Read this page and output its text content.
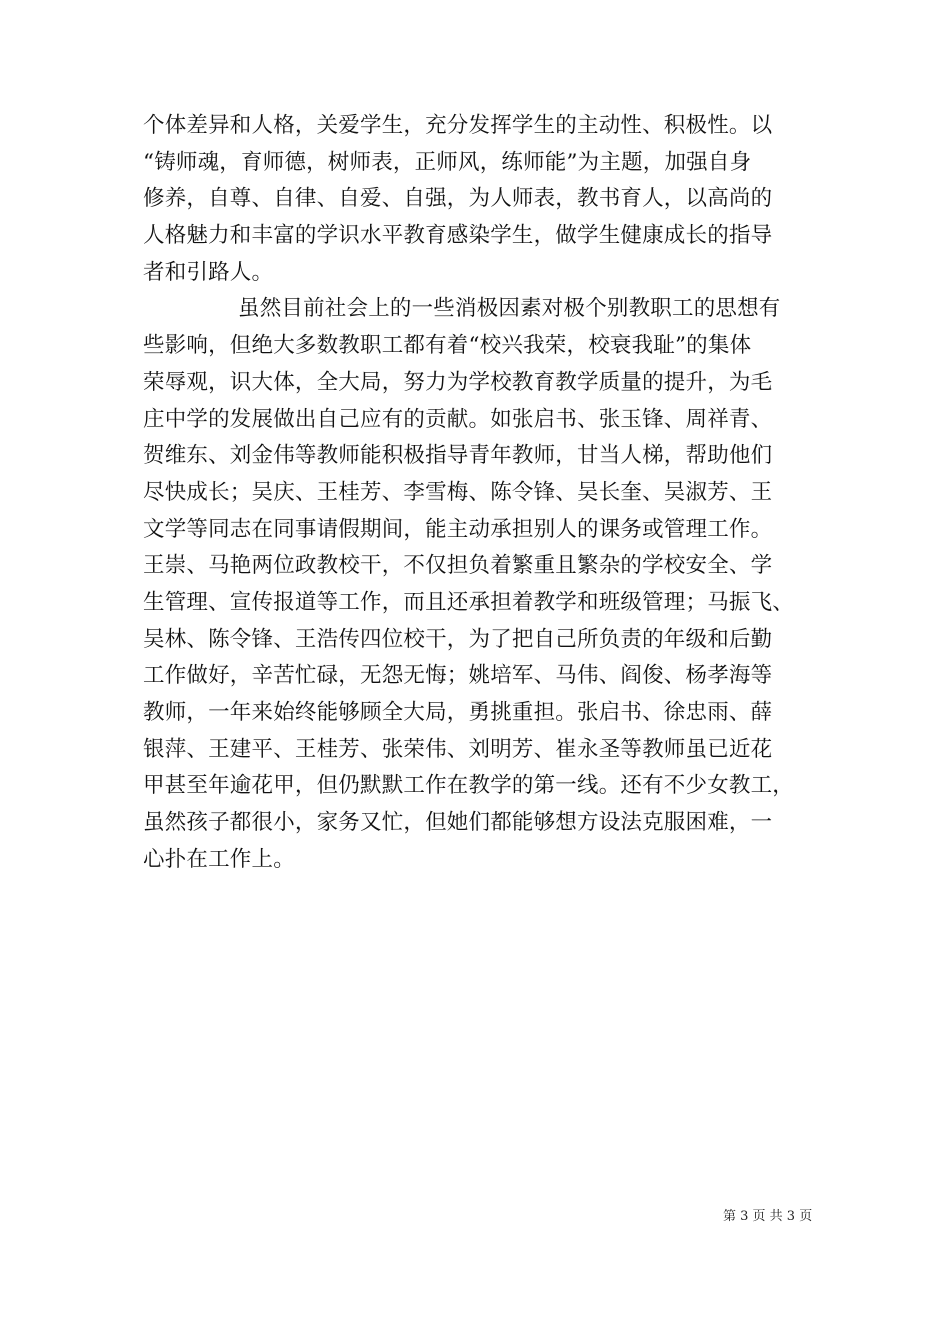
个体差异和人格，关爱学生，充分发挥学生的主动性、积极性。以
“铸师魂，育师德，树师表，正师风，练师能”为主题，加强自身
修养，自尊、自律、自爱、自强，为人师表，教书育人，以高尚的
人格魅力和丰富的学识水平教育感染学生，做学生健康成长的指导
者和引路人。
虽然目前社会上的一些消极因素对极个别教职工的思想有
些影响，但绝大多数教职工都有着“校兴我荣，校衰我耻”的集体
荣辱观，识大体，全大局，努力为学校教育教学质量的提升，为毛
庄中学的发展做出自己应有的贡献。如张启书、张玉锋、周祥青、
贺维东、刘金伟等教师能积极指导青年教师，甘当人梯，帮助他们
尽快成长；吴庆、王桂芳、李雪梅、陈令锋、吴长奎、吴淑芳、王
文学等同志在同事请假期间，能主动承担别人的课务或管理工作。
王崇、马艳两位政教校干，不仅担负着繁重且繁杂的学校安全、学
生管理、宣传报道等工作，而且还承担着教学和班级管理；马振飞、
吴林、陈令锋、王浩传四位校干，为了把自己所负责的年级和后勤
工作做好，辛苦忙碌，无怨无悔；姚培军、马伟、阎俊、杨孝海等
教师，一年来始终能够顾全大局，勇挑重担。张启书、徐忠雨、薛
银萍、王建平、王桂芳、张荣伟、刘明芳、崔永圣等教师虽已近花
甲甚至年逾花甲，但仍默默工作在教学的第一线。还有不少女教工，
虽然孩子都很小，家务又忙，但她们都能够想方设法克服困难，一
心扑在工作上。
第 3 页 共 3 页
